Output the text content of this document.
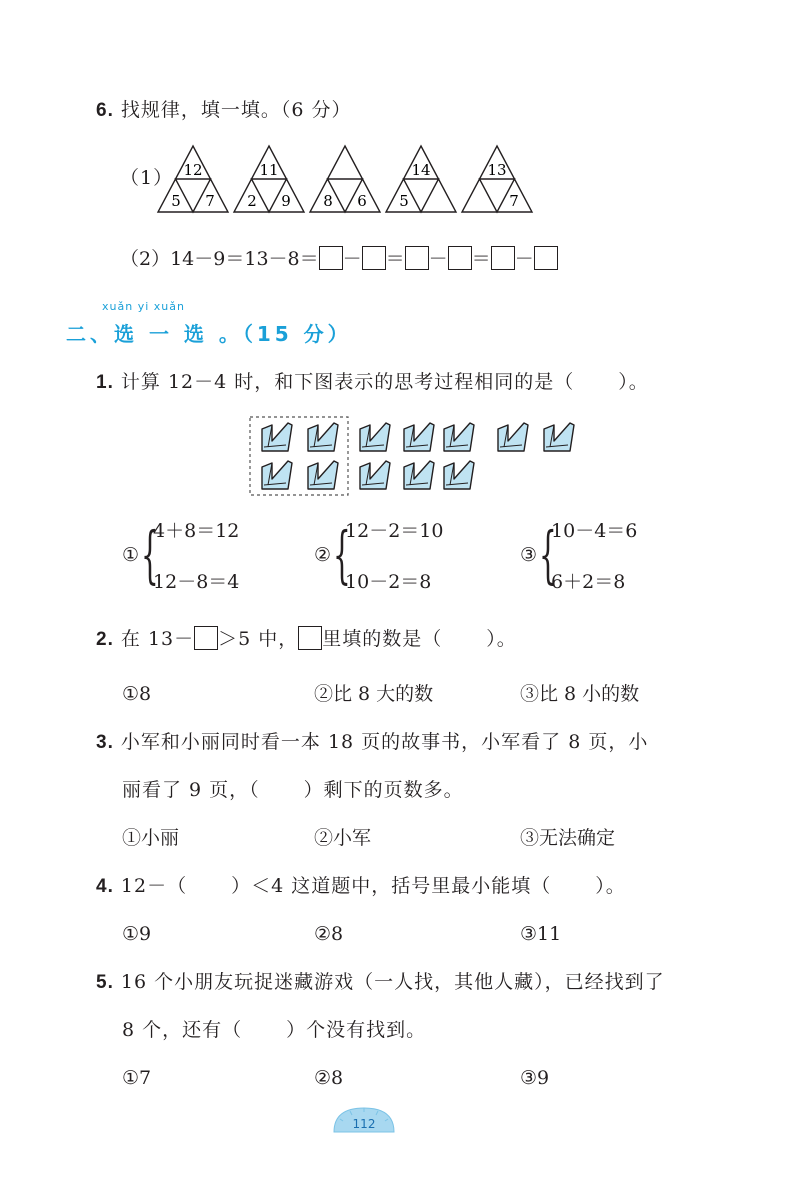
6. 找规律，填一填。（6 分）
（1） 12
5 7
11
2 9 8 6
14
5
13
7
（2）14－9＝13－8＝ － ＝ － ＝ －
xuǎn yi xuǎn
二、选 一 选 。（15 分）
1. 计算 12－4 时，和下图表示的思考过程相同的是（ ）。
① {
4＋8＝12
12－8＝4
② {
12－2＝10
10－2＝8
③ {
10－4＝6
6＋2＝8
2. 在 13－ ＞5 中， 里填的数是（ ）。
①8	②比 8 大的数	③比 8 小的数
3. 小军和小丽同时看一本 18 页的故事书，小军看了 8 页，小
丽看了 9 页，（ ）剩下的页数多。
①小丽	②小军	③无法确定
4. 12－（ ）＜4 这道题中，括号里最小能填（ ）。
①9	②8	③11
5. 16 个小朋友玩捉迷藏游戏（一人找，其他人藏），已经找到了
8 个，还有（ ）个没有找到。
①7	②8	③9
112
